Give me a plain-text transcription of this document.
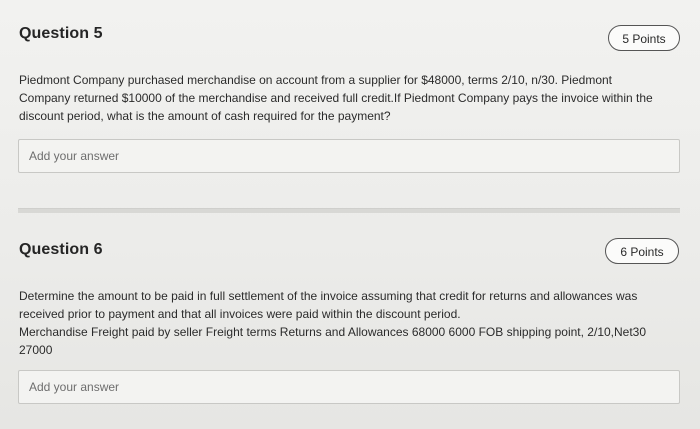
Question 5	5 Points
Piedmont Company purchased merchandise on account from a supplier for $48000, terms 2/10, n/30. Piedmont
Company returned $10000 of the merchandise and received full credit.If Piedmont Company pays the invoice within the
discount period, what is the amount of cash required for the payment?
Add your answer
Question 6	6 Points
Determine the amount to be paid in full settlement of the invoice assuming that credit for returns and allowances was
received prior to payment and that all invoices were paid within the discount period.
Merchandise Freight paid by seller Freight terms Returns and Allowances 68000 6000 FOB shipping point, 2/10,Net30
27000
Add your answer
